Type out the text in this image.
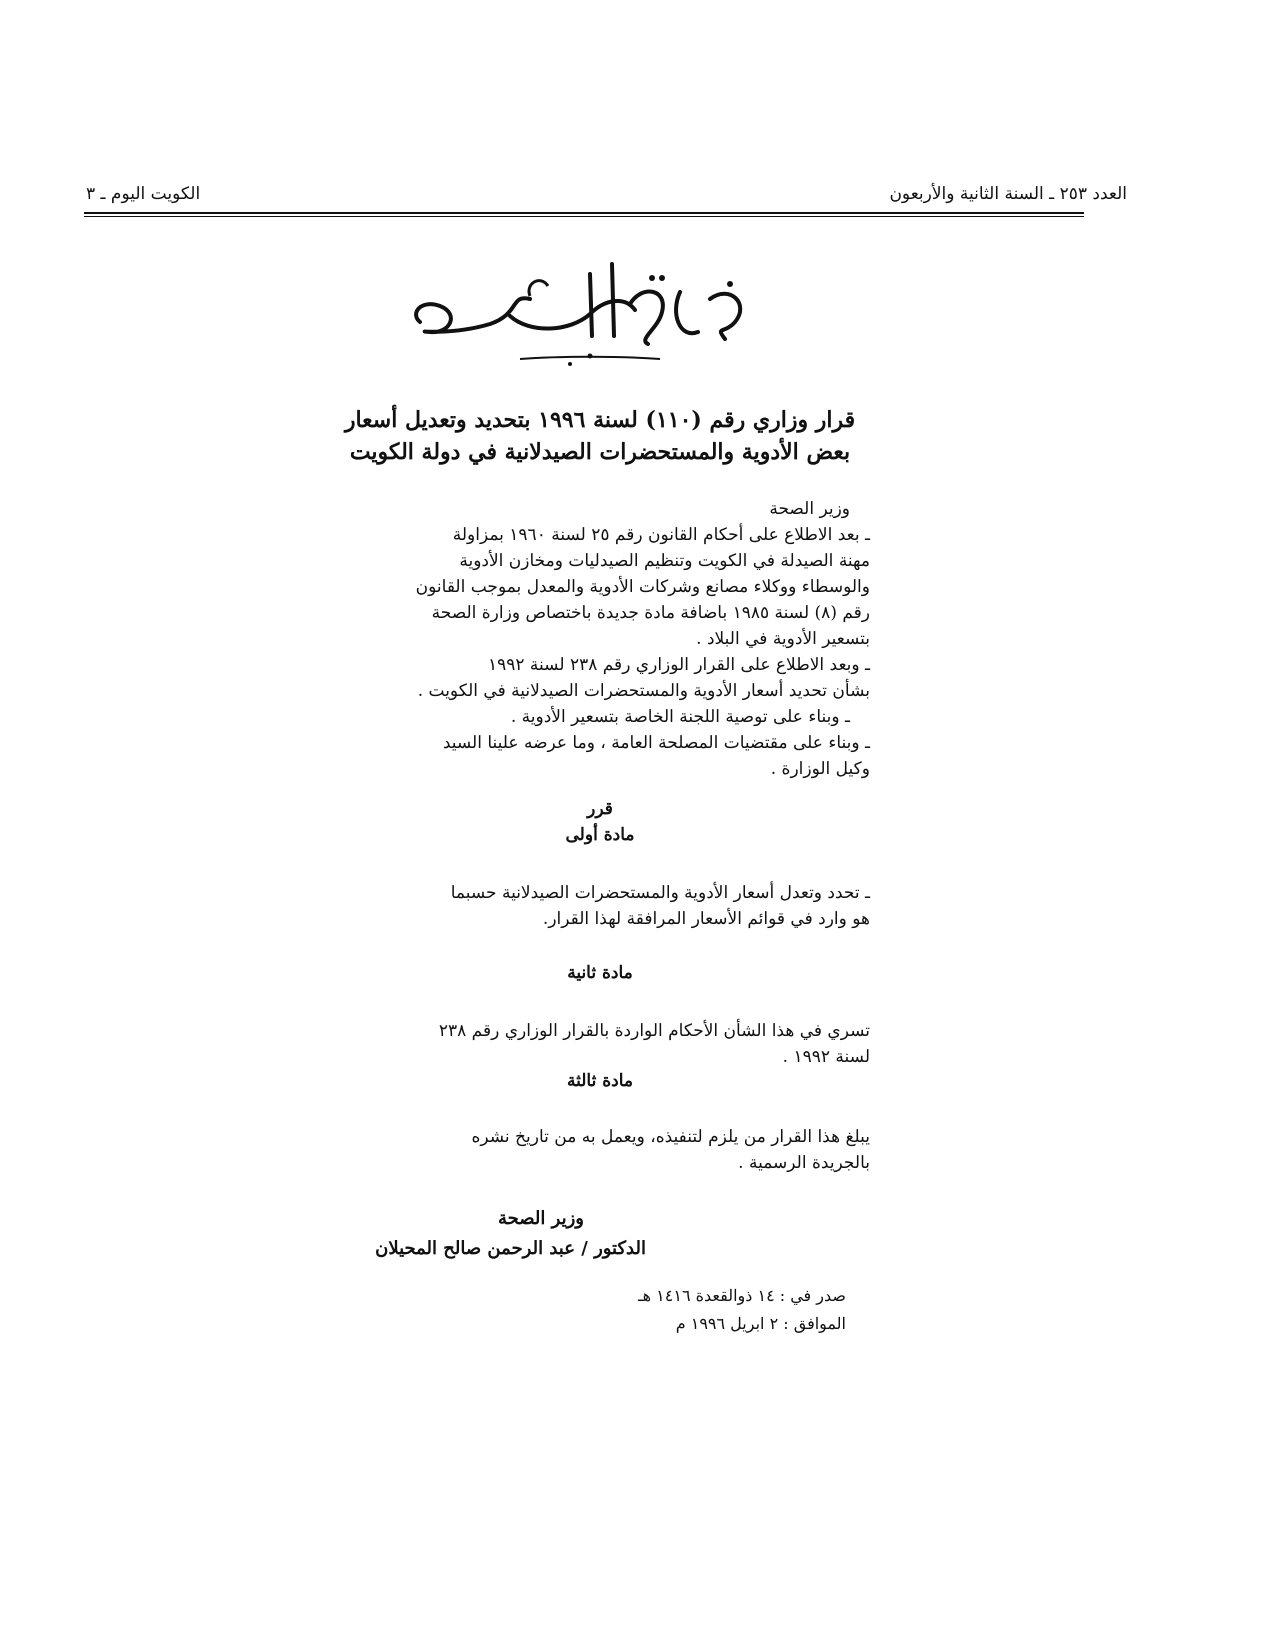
العدد ٢٥٣ ـ السنة الثانية والأربعون
الكويت اليوم ـ ٣
قرار وزاري رقم (١١٠) لسنة ١٩٩٦ بتحديد وتعديل أسعار
بعض الأدوية والمستحضرات الصيدلانية في دولة الكويت
وزير الصحة
ـ بعد الاطلاع على أحكام القانون رقم ٢٥ لسنة ١٩٦٠ بمزاولة
مهنة الصيدلة في الكويت وتنظيم الصيدليات ومخازن الأدوية
والوسطاء ووكلاء مصانع وشركات الأدوية والمعدل بموجب القانون
رقم (٨) لسنة ١٩٨٥ باضافة مادة جديدة باختصاص وزارة الصحة
بتسعير الأدوية في البلاد .
ـ وبعد الاطلاع على القرار الوزاري رقم ٢٣٨ لسنة ١٩٩٢
بشأن تحديد أسعار الأدوية والمستحضرات الصيدلانية في الكويت .
ـ وبناء على توصية اللجنة الخاصة بتسعير الأدوية .
ـ وبناء على مقتضيات المصلحة العامة ، وما عرضه علينا السيد
وكيل الوزارة .
قرر
مادة أولى
ـ تحدد وتعدل أسعار الأدوية والمستحضرات الصيدلانية حسبما
هو وارد في قوائم الأسعار المرافقة لهذا القرار.
مادة ثانية
تسري في هذا الشأن الأحكام الواردة بالقرار الوزاري رقم ٢٣٨
لسنة ١٩٩٢ .
مادة ثالثة
يبلغ هذا القرار من يلزم لتنفيذه، ويعمل به من تاريخ نشره
بالجريدة الرسمية .
وزير الصحة
الدكتور / عبد الرحمن صالح المحيلان
صدر في : ١٤ ذوالقعدة ١٤١٦ هـ
الموافق : ٢ ابريل ١٩٩٦ م
